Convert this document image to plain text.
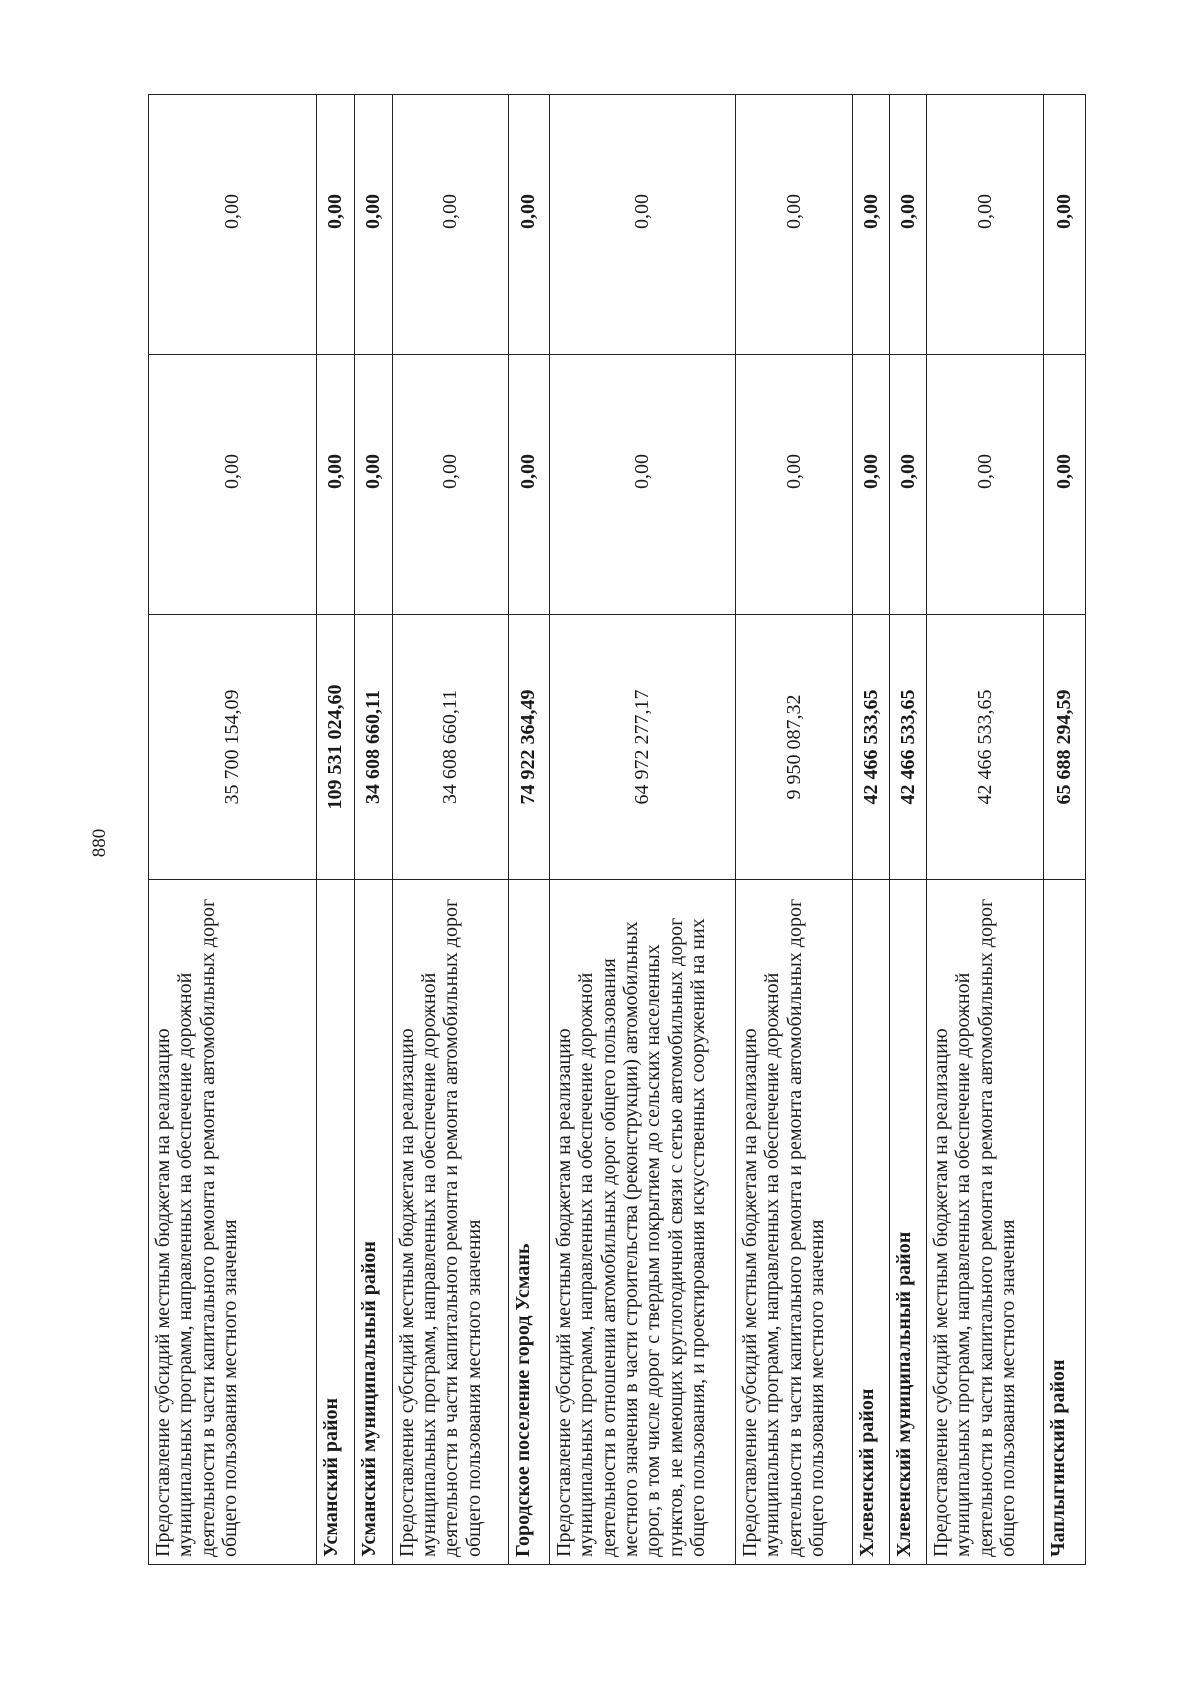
880
Предоставление субсидий местным бюджетам на реализацию муниципальных программ, направленных на обеспечение дорожной деятельности в части капитального ремонта и ремонта автомобильных дорог общего пользования местного значения	35 700 154,09	0,00	0,00
Усманский район	109 531 024,60	0,00	0,00
Усманский муниципальный район	34 608 660,11	0,00	0,00
Предоставление субсидий местным бюджетам на реализацию муниципальных программ, направленных на обеспечение дорожной деятельности в части капитального ремонта и ремонта автомобильных дорог общего пользования местного значения	34 608 660,11	0,00	0,00
Городское поселение город Усмань	74 922 364,49	0,00	0,00
Предоставление субсидий местным бюджетам на реализацию муниципальных программ, направленных на обеспечение дорожной деятельности в отношении автомобильных дорог общего пользования местного значения в части строительства (реконструкции) автомобильных дорог, в том числе дорог с твердым покрытием до сельских населенных пунктов, не имеющих круглогодичной связи с сетью автомобильных дорог общего пользования, и проектирования искусственных сооружений на них	64 972 277,17	0,00	0,00
Предоставление субсидий местным бюджетам на реализацию муниципальных программ, направленных на обеспечение дорожной деятельности в части капитального ремонта и ремонта автомобильных дорог общего пользования местного значения	9 950 087,32	0,00	0,00
Хлевенский район	42 466 533,65	0,00	0,00
Хлевенский муниципальный район	42 466 533,65	0,00	0,00
Предоставление субсидий местным бюджетам на реализацию муниципальных программ, направленных на обеспечение дорожной деятельности в части капитального ремонта и ремонта автомобильных дорог общего пользования местного значения	42 466 533,65	0,00	0,00
Чаплыгинский район	65 688 294,59	0,00	0,00
